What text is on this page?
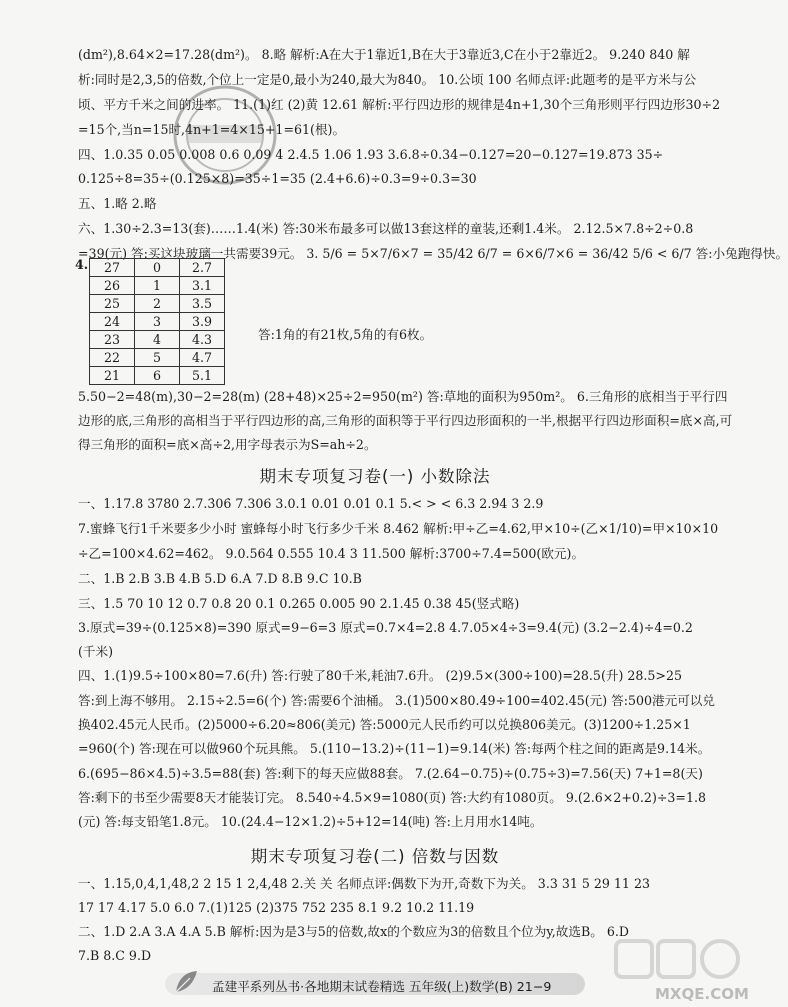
(dm²),8.64×2=17.28(dm²)。 8.略 解析:A在大于1靠近1,B在大于3靠近3,C在小于2靠近2。 9.240 840 解
析:同时是2,3,5的倍数,个位上一定是0,最小为240,最大为840。 10.公顷 100 名师点评:此题考的是平方米与公
顷、平方千米之间的进率。 11.(1)红 (2)黄 12.61 解析:平行四边形的规律是4n+1,30个三角形则平行四边形30÷2
=15个,当n=15时,4n+1=4×15+1=61(根)。
四、1.0.35 0.05 0.008 0.6 0.09 4 2.4.5 1.06 1.93 3.6.8÷0.34−0.127=20−0.127=19.873 35÷
0.125÷8=35÷(0.125×8)=35÷1=35 (2.4+6.6)÷0.3=9÷0.3=30
五、1.略 2.略
六、1.30÷2.3=13(套)……1.4(米) 答:30米布最多可以做13套这样的童装,还剩1.4米。 2.12.5×7.8÷2÷0.8
=39(元) 答:买这块玻璃一共需要39元。 3. 5/6 = 5×7/6×7 = 35/42 6/7 = 6×6/7×6 = 36/42 5/6 < 6/7 答:小兔跑得快。
4. 27	0	2.7
26	1	3.1
25	2	3.5
24	3	3.9
23	4	4.3
22	5	4.7
21	6	5.1
答:1角的有21枚,5角的有6枚。
5.50−2=48(m),30−2=28(m) (28+48)×25÷2=950(m²) 答:草地的面积为950m²。 6.三角形的底相当于平行四
边形的底,三角形的高相当于平行四边形的高,三角形的面积等于平行四边形面积的一半,根据平行四边形面积=底×高,可
得三角形的面积=底×高÷2,用字母表示为S=ah÷2。
期末专项复习卷(一) 小数除法
一、1.17.8 3780 2.7.3̇06̇ 7.306 3.0.1 0.01 0.01 0.1 5.< > < 6.3 2.9̇4̇ 3 2.9
7.蜜蜂飞行1千米要多少小时 蜜蜂每小时飞行多少千米 8.462 解析:甲÷乙=4.62,甲×10÷(乙×1/10)=甲×10×10
÷乙=100×4.62=462。 9.0.564 0.555 10.4 3 11.500 解析:3700÷7.4=500(欧元)。
二、1.B 2.B 3.B 4.B 5.D 6.A 7.D 8.B 9.C 10.B
三、1.5 70 10 12 0.7 0.8 20 0.1 0.265 0.005 90 2.1.4̇5̇ 0.38 45(竖式略)
3.原式=39÷(0.125×8)=390 原式=9−6=3 原式=0.7×4=2.8 4.7.05×4÷3=9.4(元) (3.2−2.4)÷4=0.2
(千米)
四、1.(1)9.5÷100×80=7.6(升) 答:行驶了80千米,耗油7.6升。 (2)9.5×(300÷100)=28.5(升) 28.5>25
答:到上海不够用。 2.15÷2.5=6(个) 答:需要6个油桶。 3.(1)500×80.49÷100=402.45(元) 答:500港元可以兑
换402.45元人民币。(2)5000÷6.20≈806(美元) 答:5000元人民币约可以兑换806美元。(3)1200÷1.25×1
=960(个) 答:现在可以做960个玩具熊。 5.(110−13.2)÷(11−1)=9.14(米) 答:每两个柱之间的距离是9.14米。
6.(695−86×4.5)÷3.5=88(套) 答:剩下的每天应做88套。 7.(2.64−0.75)÷(0.75÷3)=7.56(天) 7+1=8(天)
答:剩下的书至少需要8天才能装订完。 8.540÷4.5×9=1080(页) 答:大约有1080页。 9.(2.6×2+0.2)÷3=1.8
(元) 答:每支铅笔1.8元。 10.(24.4−12×1.2)÷5+12=14(吨) 答:上月用水14吨。
期末专项复习卷(二) 倍数与因数
一、1.15,0,4,1,48,2 2 15 1 2,4,48 2.关 关 名师点评:偶数下为开,奇数下为关。 3.3 31 5 29 11 23
17 17 4.17 5.0 6.0 7.(1)125 (2)375 752 235 8.1 9.2 10.2 11.19
二、1.D 2.A 3.A 4.A 5.B 解析:因为是3与5的倍数,故x的个数应为3的倍数且个位为y,故选B。 6.D
7.B 8.C 9.D
孟建平系列丛书·各地期末试卷精选 五年级(上)数学(B) 21−9	MXQE.COM
